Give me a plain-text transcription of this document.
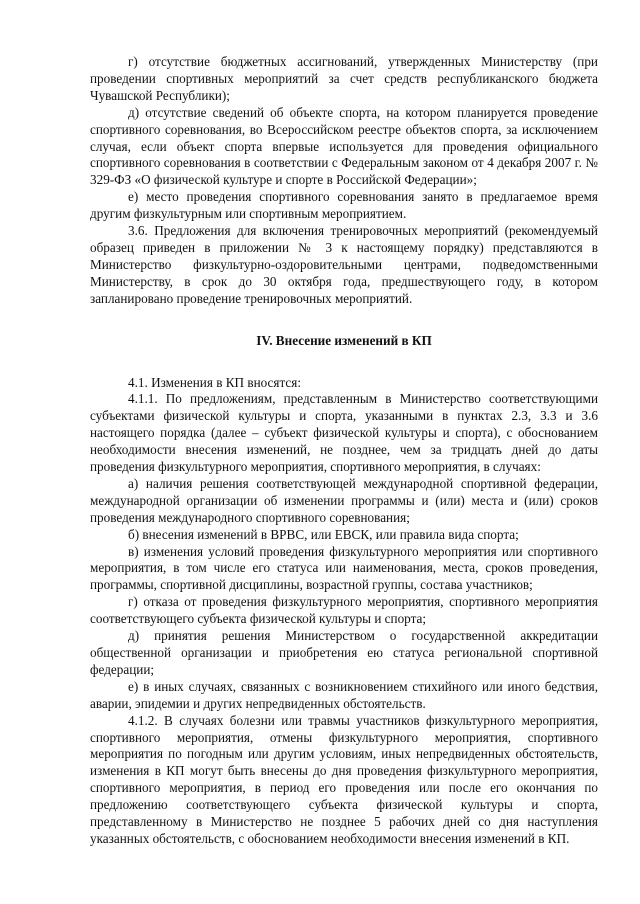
г) отсутствие бюджетных ассигнований, утвержденных Министерству (при проведении спортивных мероприятий за счет средств республиканского бюджета Чувашской Республики);

д) отсутствие сведений об объекте спорта, на котором планируется проведение спортивного соревнования, во Всероссийском реестре объектов спорта, за исключением случая, если объект спорта впервые используется для проведения официального спортивного соревнования в соответствии с Федеральным законом от 4 декабря 2007 г. № 329-ФЗ «О физической культуре и спорте в Российской Федерации»;

е) место проведения спортивного соревнования занято в предлагаемое время другим физкультурным или спортивным мероприятием.

3.6. Предложения для включения тренировочных мероприятий (рекомендуемый образец приведен в приложении № 3 к настоящему порядку) представляются в Министерство физкультурно-оздоровительными центрами, подведомственными Министерству, в срок до 30 октября года, предшествующего году, в котором запланировано проведение тренировочных мероприятий.

IV. Внесение изменений в КП

4.1. Изменения в КП вносятся:

4.1.1. По предложениям, представленным в Министерство соответствующими субъектами физической культуры и спорта, указанными в пунктах 2.3, 3.3 и 3.6 настоящего порядка (далее – субъект физической культуры и спорта), с обоснованием необходимости внесения изменений, не позднее, чем за тридцать дней до даты проведения физкультурного мероприятия, спортивного мероприятия, в случаях:

а) наличия решения соответствующей международной спортивной федерации, международной организации об изменении программы и (или) места и (или) сроков проведения международного спортивного соревнования;

б) внесения изменений в ВРВС, или ЕВСК, или правила вида спорта;

в) изменения условий проведения физкультурного мероприятия или спортивного мероприятия, в том числе его статуса или наименования, места, сроков проведения, программы, спортивной дисциплины, возрастной группы, состава участников;

г) отказа от проведения физкультурного мероприятия, спортивного мероприятия соответствующего субъекта физической культуры и спорта;

д) принятия решения Министерством о государственной аккредитации общественной организации и приобретения ею статуса региональной спортивной федерации;

е) в иных случаях, связанных с возникновением стихийного или иного бедствия, аварии, эпидемии и других непредвиденных обстоятельств.

4.1.2. В случаях болезни или травмы участников физкультурного мероприятия, спортивного мероприятия, отмены физкультурного мероприятия, спортивного мероприятия по погодным или другим условиям, иных непредвиденных обстоятельств, изменения в КП могут быть внесены до дня проведения физкультурного мероприятия, спортивного мероприятия, в период его проведения или после его окончания по предложению соответствующего субъекта физической культуры и спорта, представленному в Министерство не позднее 5 рабочих дней со дня наступления указанных обстоятельств, с обоснованием необходимости внесения изменений в КП.
